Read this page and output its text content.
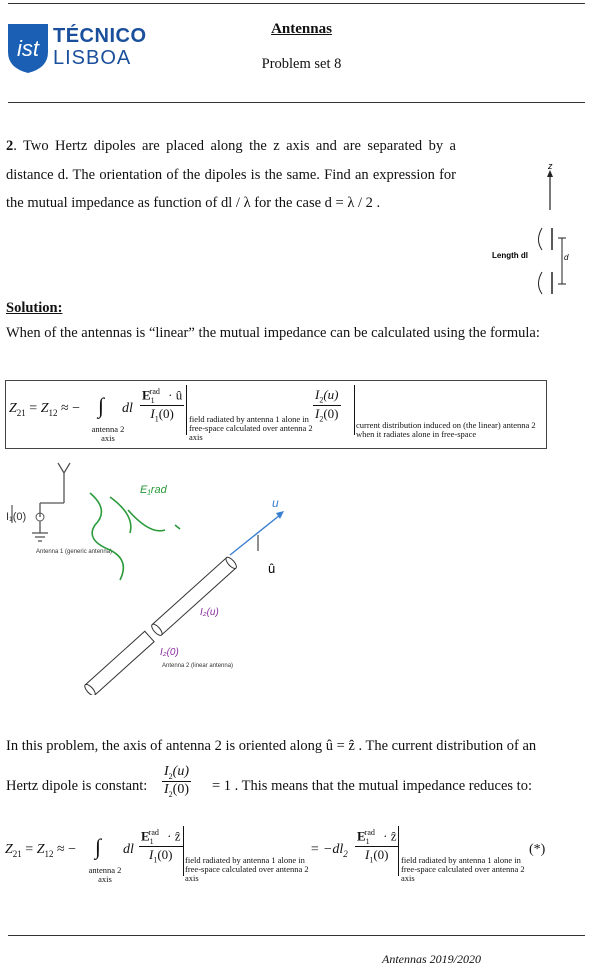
ist TÉCNICO
LISBOA
Antennas
Problem set 8
2. Two Hertz dipoles are placed along the z axis and are separated by a distance d. The orientation of the dipoles is the same. Find an expression for the mutual impedance as function of dl / λ for the case d = λ / 2 .
z
Length dl	d
Solution:
When of the antennas is “linear” the mutual impedance can be calculated using the formula:
$Z_{21} = Z_{12}$ ≈ − ∫
antenna 2 axis
dl
$E_1^{rad}$ · û
$I_1(0)$	field radiated by antenna 1 alone in free-space calculated over antenna 2 axis
$\frac{I_2(u)}{I_2(0)}$
current distribution induced on (the linear) antenna 2 when it radiates alone in free-space
I₁(0)
Antenna 1 (generic antenna)
E₁rad
u
û
I₂(u)
I₂(0)
Antenna 2 (linear antenna)
In this problem, the axis of antenna 2 is oriented along û = ẑ . The current distribution of an
Hertz dipole is constant: $\frac{I_2(u)}{I_2(0)} = 1$ . This means that the mutual impedance reduces to:
$Z_{21} = Z_{12}$ ≈ − ∫
antenna 2 axis
dl
$E_1^{rad}$ · ẑ
$I_1(0)$	field radiated by antenna 1 alone in free-space calculated over antenna 2 axis
= $-dl_2$
$E_1^{rad}$ · ẑ
$I_1(0)$	field radiated by antenna 1 alone in free-space calculated over antenna 2 axis
(*)
Antennas 2019/2020
